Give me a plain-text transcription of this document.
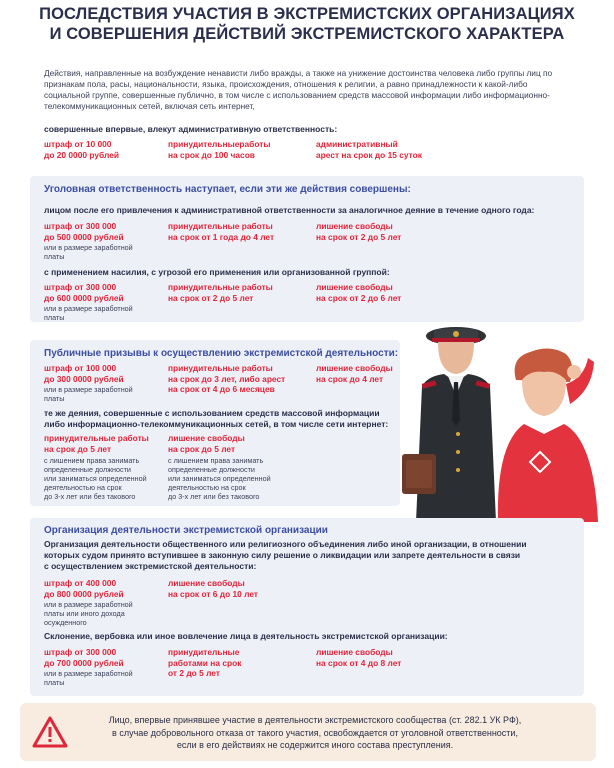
ПОСЛЕДСТВИЯ УЧАСТИЯ В ЭКСТРЕМИСТСКИХ ОРГАНИЗАЦИЯХ
И СОВЕРШЕНИЯ ДЕЙСТВИЙ ЭКСТРЕМИСТСКОГО ХАРАКТЕРА
Действия, направленные на возбуждение ненависти либо вражды, а также на унижение достоинства человека либо группы лиц по признакам пола, расы, национальности, языка, происхождения, отношения к религии, а равно принадлежности к какой-либо социальной группе, совершенные публично, в том числе с использованием средств массовой информации либо информационно-телекоммуникационных сетей, включая сеть интернет,
совершенные впервые, влекут административную ответственность:
штраф от 10 000
до 20 0000 рублей
принудительныеработы
на срок до 100 часов
административный
арест на срок до 15 суток
Уголовная ответственность наступает, если эти же действия совершены:
лицом после его привлечения к административной ответственности за аналогичное деяние в течение одного года:
штраф от 300 000
до 500 0000 рублей
или в размере заработной
платы
принудительные работы
на срок от 1 года до 4 лет
лишение свободы
на срок от 2 до 5 лет
с применением насилия, с угрозой его применения или организованной группой:
штраф от 300 000
до 600 0000 рублей
или в размере заработной
платы
принудительные работы
на срок от 2 до 5 лет
лишение свободы
на срок от 2 до 6 лет
Публичные призывы к осуществлению экстремистской деятельности:
штраф от 100 000
до 300 0000 рублей
или в размере заработной
платы
принудительные работы
на срок до 3 лет, либо арест
на срок от 4 до 6 месяцев
лишение свободы
на срок до 4 лет
те же деяния, совершенные с использованием средств массовой информации
либо информационно-телекоммуникационных сетей, в том числе сети интернет:
принудительные работы
на срок до 5 лет
с лишением права занимать
определенные должности
или заниматься определенной
деятельностью на срок
до 3-х лет или без такового
лишение свободы
на срок до 5 лет
с лишением права занимать
определенные должности
или заниматься определенной
деятельностью на срок
до 3-х лет или без такового
Организация деятельности экстремистской организации
Организация деятельности общественного или религиозного объединения либо иной организации, в отношении
которых судом принято вступившее в законную силу решение о ликвидации или запрете деятельности в связи
с осуществлением экстремистской деятельности:
штраф от 400 000
до 800 0000 рублей
или в размере заработной
платы или иного дохода
осужденного
лишение свободы
на срок от 6 до 10 лет
Склонение, вербовка или иное вовлечение лица в деятельность экстремистской организации:
штраф от 300 000
до 700 0000 рублей
или в размере заработной
платы
принудительные
работами на срок
от 2 до 5 лет
лишение свободы
на срок от 4 до 8 лет
Лицо, впервые принявшее участие в деятельности экстремистского сообщества (ст. 282.1 УК РФ),
в случае добровольного отказа от такого участия, освобождается от уголовной ответственности,
если в его действиях не содержится иного состава преступления.
